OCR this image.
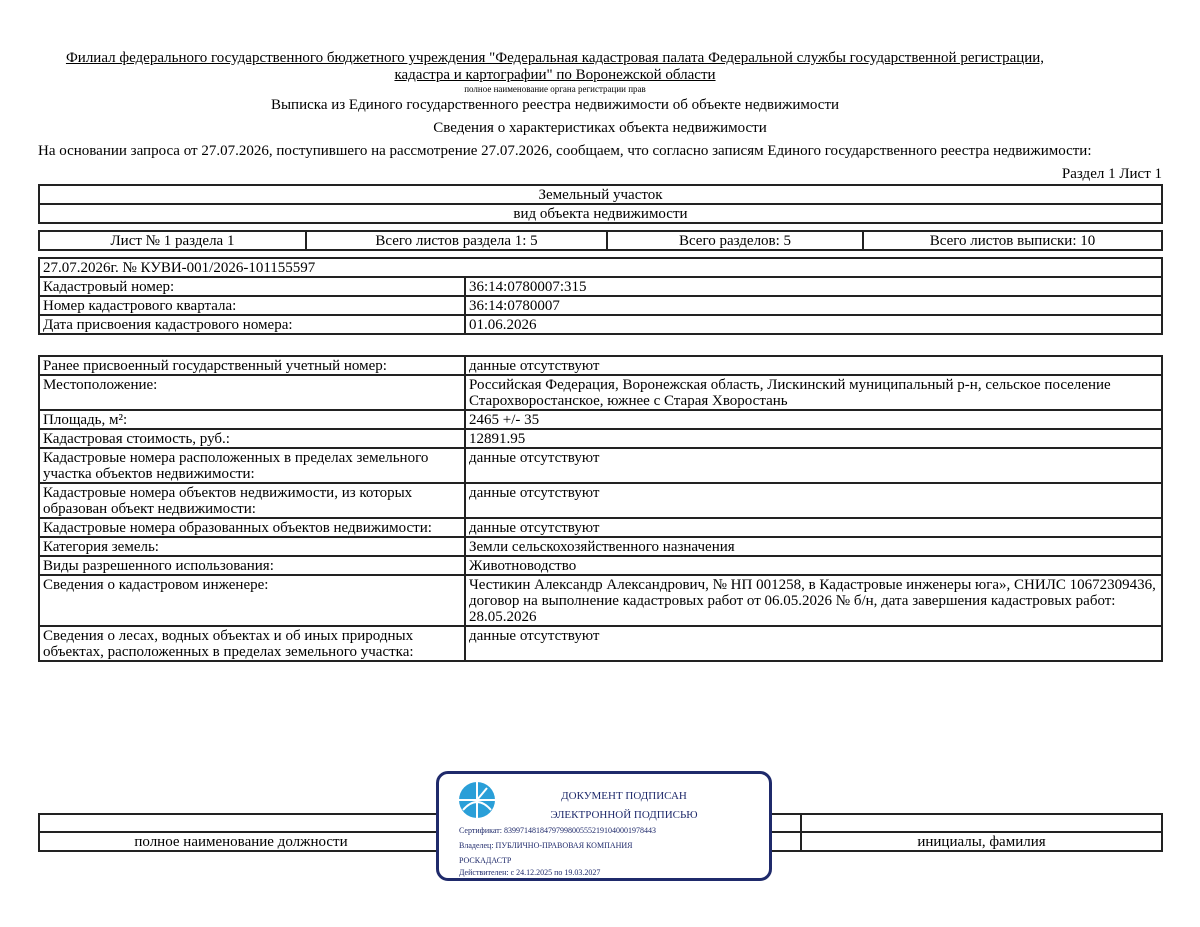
Филиал федерального государственного бюджетного учреждения "Федеральная кадастровая палата Федеральной службы государственной регистрации,
кадастра и картографии" по Воронежской области
полное наименование органа регистрации прав
Выписка из Единого государственного реестра недвижимости об объекте недвижимости
Сведения о характеристиках объекта недвижимости
На основании запроса от 27.07.2026, поступившего на рассмотрение 27.07.2026, сообщаем, что согласно записям Единого государственного реестра недвижимости:
Раздел 1 Лист 1
Земельный участок
вид объекта недвижимости
Лист № 1 раздела 1	Всего листов раздела 1: 5	Всего разделов: 5	Всего листов выписки: 10
27.07.2026г. № КУВИ-001/2026-101155597	
Кадастровый номер:	36:14:0780007:315
Номер кадастрового квартала:	36:14:0780007
Дата присвоения кадастрового номера:	01.06.2026
Ранее присвоенный государственный учетный номер:	данные отсутствуют
Местоположение:	Российская Федерация, Воронежская область, Лискинский муниципальный р-н, сельское поселение Старохворостанское, южнее с Старая Хворостань
Площадь, м²:	2465 +/- 35
Кадастровая стоимость, руб.:	12891.95
Кадастровые номера расположенных в пределах земельного участка объектов недвижимости:	данные отсутствуют
Кадастровые номера объектов недвижимости, из которых образован объект недвижимости:	данные отсутствуют
Кадастровые номера образованных объектов недвижимости:	данные отсутствуют
Категория земель:	Земли сельскохозяйственного назначения
Виды разрешенного использования:	Животноводство
Сведения о кадастровом инженере:	Честикин Александр Александрович, № НП 001258, в Кадастровые инженеры юга», СНИЛС 10672309436, договор на выполнение кадастровых работ от 06.05.2026 № б/н, дата завершения кадастровых работ: 28.05.2026
Сведения о лесах, водных объектах и об иных природных объектах, расположенных в пределах земельного участка:	данные отсутствуют

полное наименование должности		инициалы, фамилия
ДОКУМЕНТ ПОДПИСАН
ЭЛЕКТРОННОЙ ПОДПИСЬЮ
Сертификат: 8399714818479799800555219104000197844З
Владелец: ПУБЛИЧНО-ПРАВОВАЯ КОМПАНИЯ
РОСКАДАСТР
Действителен: с 24.12.2025 по 19.03.2027
